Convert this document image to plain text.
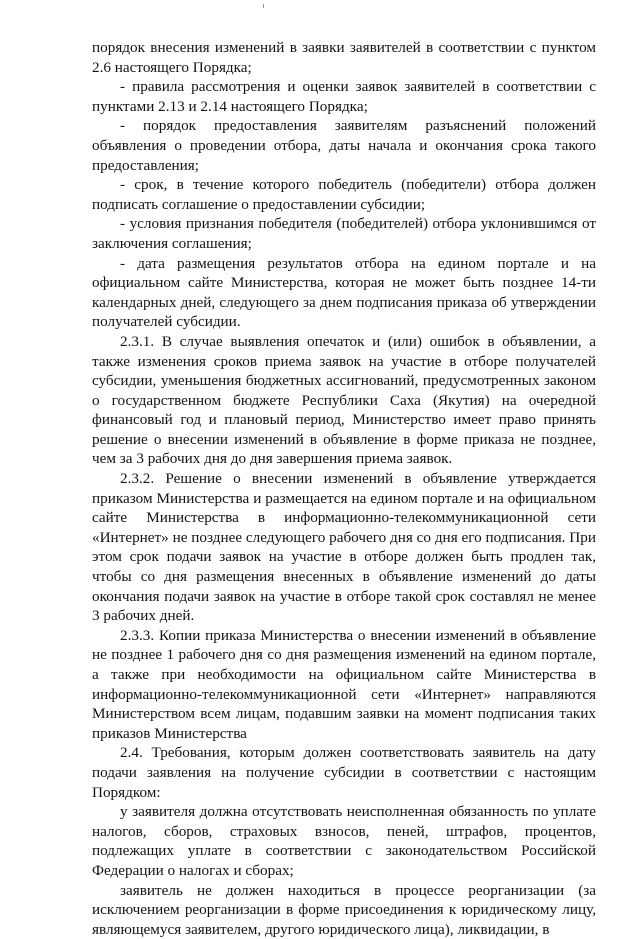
порядок внесения изменений в заявки заявителей в соответствии с пунктом 2.6 настоящего Порядка;

- правила рассмотрения и оценки заявок заявителей в соответствии с пунктами 2.13 и 2.14 настоящего Порядка;

- порядок предоставления заявителям разъяснений положений объявления о проведении отбора, даты начала и окончания срока такого предоставления;

- срок, в течение которого победитель (победители) отбора должен подписать соглашение о предоставлении субсидии;

- условия признания победителя (победителей) отбора уклонившимся от заключения соглашения;

- дата размещения результатов отбора на едином портале и на официальном сайте Министерства, которая не может быть позднее 14-ти календарных дней, следующего за днем подписания приказа об утверждении получателей субсидии.

2.3.1. В случае выявления опечаток и (или) ошибок в объявлении, а также изменения сроков приема заявок на участие в отборе получателей субсидии, уменьшения бюджетных ассигнований, предусмотренных законом о государственном бюджете Республики Саха (Якутия) на очередной финансовый год и плановый период, Министерство имеет право принять решение о внесении изменений в объявление в форме приказа не позднее, чем за 3 рабочих дня до дня завершения приема заявок.

2.3.2. Решение о внесении изменений в объявление утверждается приказом Министерства и размещается на едином портале и на официальном сайте Министерства в информационно-телекоммуникационной сети «Интернет» не позднее следующего рабочего дня со дня его подписания. При этом срок подачи заявок на участие в отборе должен быть продлен так, чтобы со дня размещения внесенных в объявление изменений до даты окончания подачи заявок на участие в отборе такой срок составлял не менее 3 рабочих дней.

2.3.3. Копии приказа Министерства о внесении изменений в объявление не позднее 1 рабочего дня со дня размещения изменений на едином портале, а также при необходимости на официальном сайте Министерства в информационно-телекоммуникационной сети «Интернет» направляются Министерством всем лицам, подавшим заявки на момент подписания таких приказов Министерства

2.4. Требования, которым должен соответствовать заявитель на дату подачи заявления на получение субсидии в соответствии с настоящим Порядком:

у заявителя должна отсутствовать неисполненная обязанность по уплате налогов, сборов, страховых взносов, пеней, штрафов, процентов, подлежащих уплате в соответствии с законодательством Российской Федерации о налогах и сборах;

заявитель не должен находиться в процессе реорганизации (за исключением реорганизации в форме присоединения к юридическому лицу, являющемуся заявителем, другого юридического лица), ликвидации, в
